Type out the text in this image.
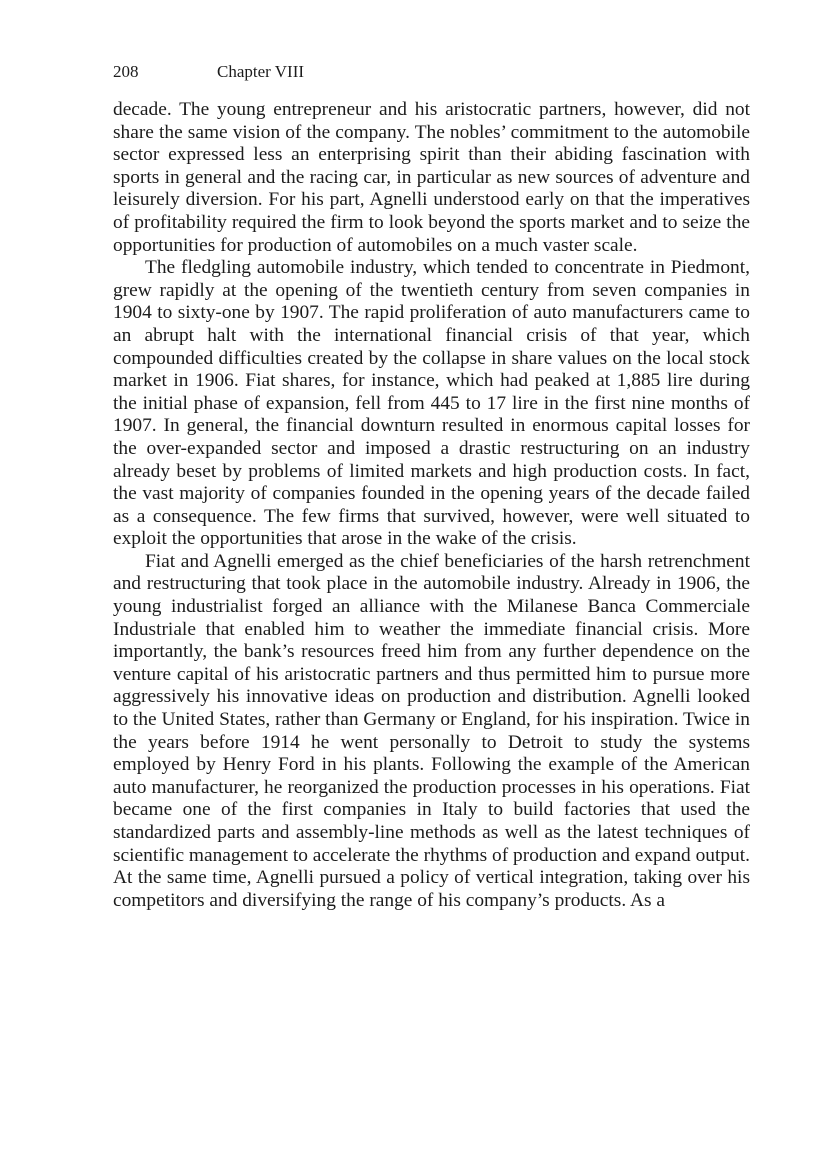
208	Chapter VIII

decade. The young entrepreneur and his aristocratic partners, however, did not share the same vision of the company. The nobles’ commitment to the automobile sector expressed less an enterprising spirit than their abiding fascination with sports in general and the racing car, in particular as new sources of adventure and leisurely diversion. For his part, Agnelli understood early on that the imperatives of profitability required the firm to look beyond the sports market and to seize the opportunities for production of automobiles on a much vaster scale.

The fledgling automobile industry, which tended to concentrate in Piedmont, grew rapidly at the opening of the twentieth century from seven companies in 1904 to sixty-one by 1907. The rapid proliferation of auto manufacturers came to an abrupt halt with the international financial crisis of that year, which compounded difficulties created by the collapse in share values on the local stock market in 1906. Fiat shares, for instance, which had peaked at 1,885 lire during the initial phase of expansion, fell from 445 to 17 lire in the first nine months of 1907. In general, the financial downturn resulted in enormous capital losses for the over-expanded sector and imposed a drastic restructuring on an industry already beset by problems of limited markets and high production costs. In fact, the vast majority of companies founded in the opening years of the decade failed as a consequence. The few firms that survived, however, were well situated to exploit the opportunities that arose in the wake of the crisis.

Fiat and Agnelli emerged as the chief beneficiaries of the harsh retrenchment and restructuring that took place in the automobile industry. Already in 1906, the young industrialist forged an alliance with the Milanese Banca Commerciale Industriale that enabled him to weather the immediate financial crisis. More importantly, the bank’s resources freed him from any further dependence on the venture capital of his aristocratic partners and thus permitted him to pursue more aggressively his innovative ideas on production and distribution. Agnelli looked to the United States, rather than Germany or England, for his inspiration. Twice in the years before 1914 he went personally to Detroit to study the systems employed by Henry Ford in his plants. Following the example of the American auto manufacturer, he reorganized the production processes in his operations. Fiat became one of the first companies in Italy to build factories that used the standardized parts and assembly-line methods as well as the latest techniques of scientific management to accelerate the rhythms of production and expand output. At the same time, Agnelli pursued a policy of vertical integration, taking over his competitors and diversifying the range of his company’s products. As a
